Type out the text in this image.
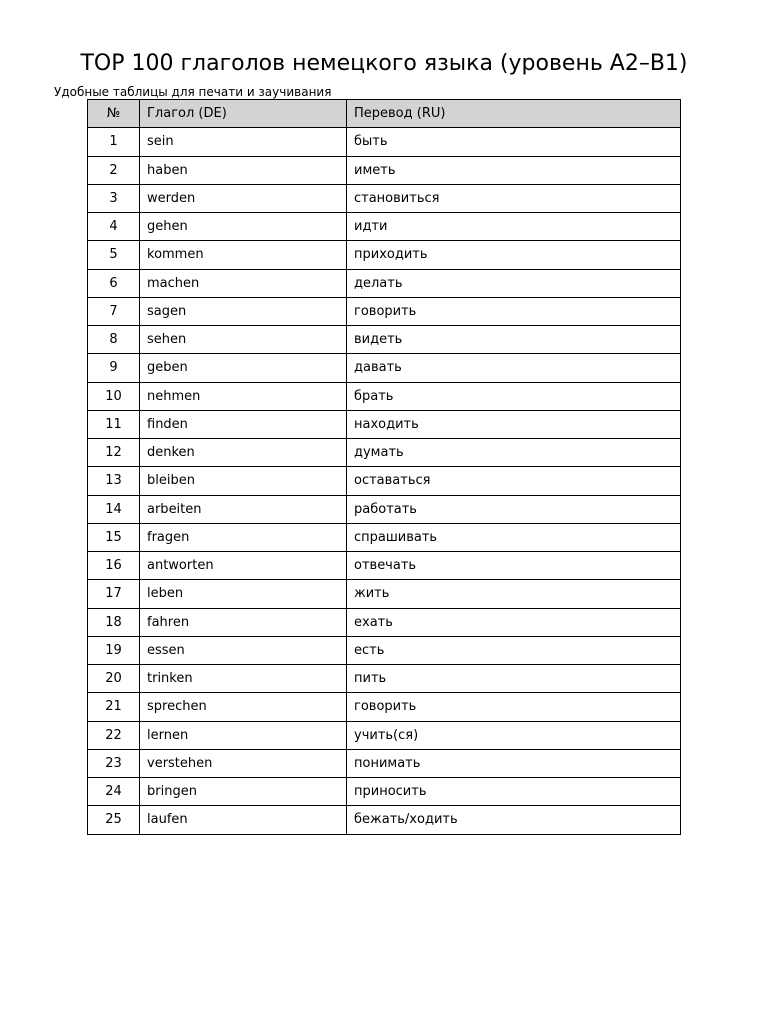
TOP 100 глаголов немецкого языка (уровень A2–B1)
Удобные таблицы для печати и заучивания
№	Глагол (DE)	Перевод (RU)
1	sein	быть
2	haben	иметь
3	werden	становиться
4	gehen	идти
5	kommen	приходить
6	machen	делать
7	sagen	говорить
8	sehen	видеть
9	geben	давать
10	nehmen	брать
11	finden	находить
12	denken	думать
13	bleiben	оставаться
14	arbeiten	работать
15	fragen	спрашивать
16	antworten	отвечать
17	leben	жить
18	fahren	ехать
19	essen	есть
20	trinken	пить
21	sprechen	говорить
22	lernen	учить(ся)
23	verstehen	понимать
24	bringen	приносить
25	laufen	бежать/ходить
